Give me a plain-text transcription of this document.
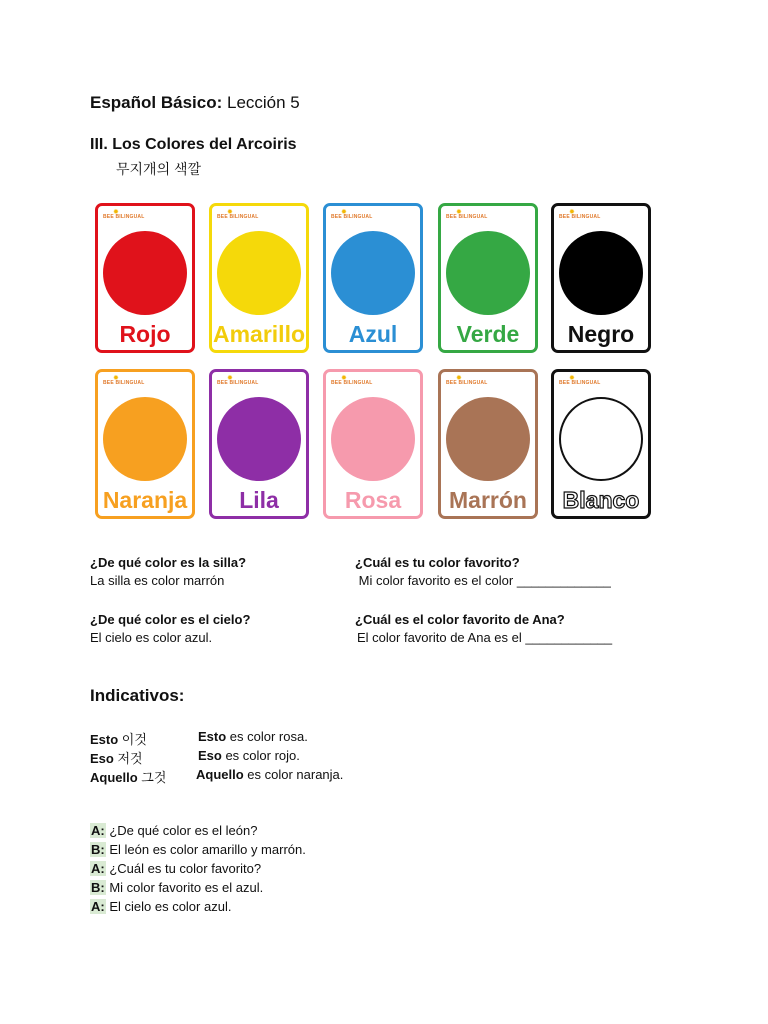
Español Básico: Lección 5
III. Los Colores del Arcoiris
무지개의 색깔
BEE BILINGUAL
✹
Rojo
BEE BILINGUAL
✹
Amarillo
BEE BILINGUAL
✹
Azul
BEE BILINGUAL
✹
Verde
BEE BILINGUAL
✹
Negro
BEE BILINGUAL
✹
Naranja
BEE BILINGUAL
✹
Lila
BEE BILINGUAL
✹
Rosa
BEE BILINGUAL
✹
Marrón
BEE BILINGUAL
✹
Blanco
¿De qué color es la silla?
La silla es color marrón
¿Cuál es tu color favorito?
Mi color favorito es el color _____________
¿De qué color es el cielo?
El cielo es color azul.
¿Cuál es el color favorito de Ana?
El color favorito de Ana es el ____________
Indicativos:
Esto 이것	Esto es color rosa.
Eso 저것	Eso es color rojo.
Aquello 그것 Aquello es color naranja.
A: ¿De qué color es el león?
B: El león es color amarillo y marrón.
A: ¿Cuál es tu color favorito?
B: Mi color favorito es el azul.
A: El cielo es color azul.
